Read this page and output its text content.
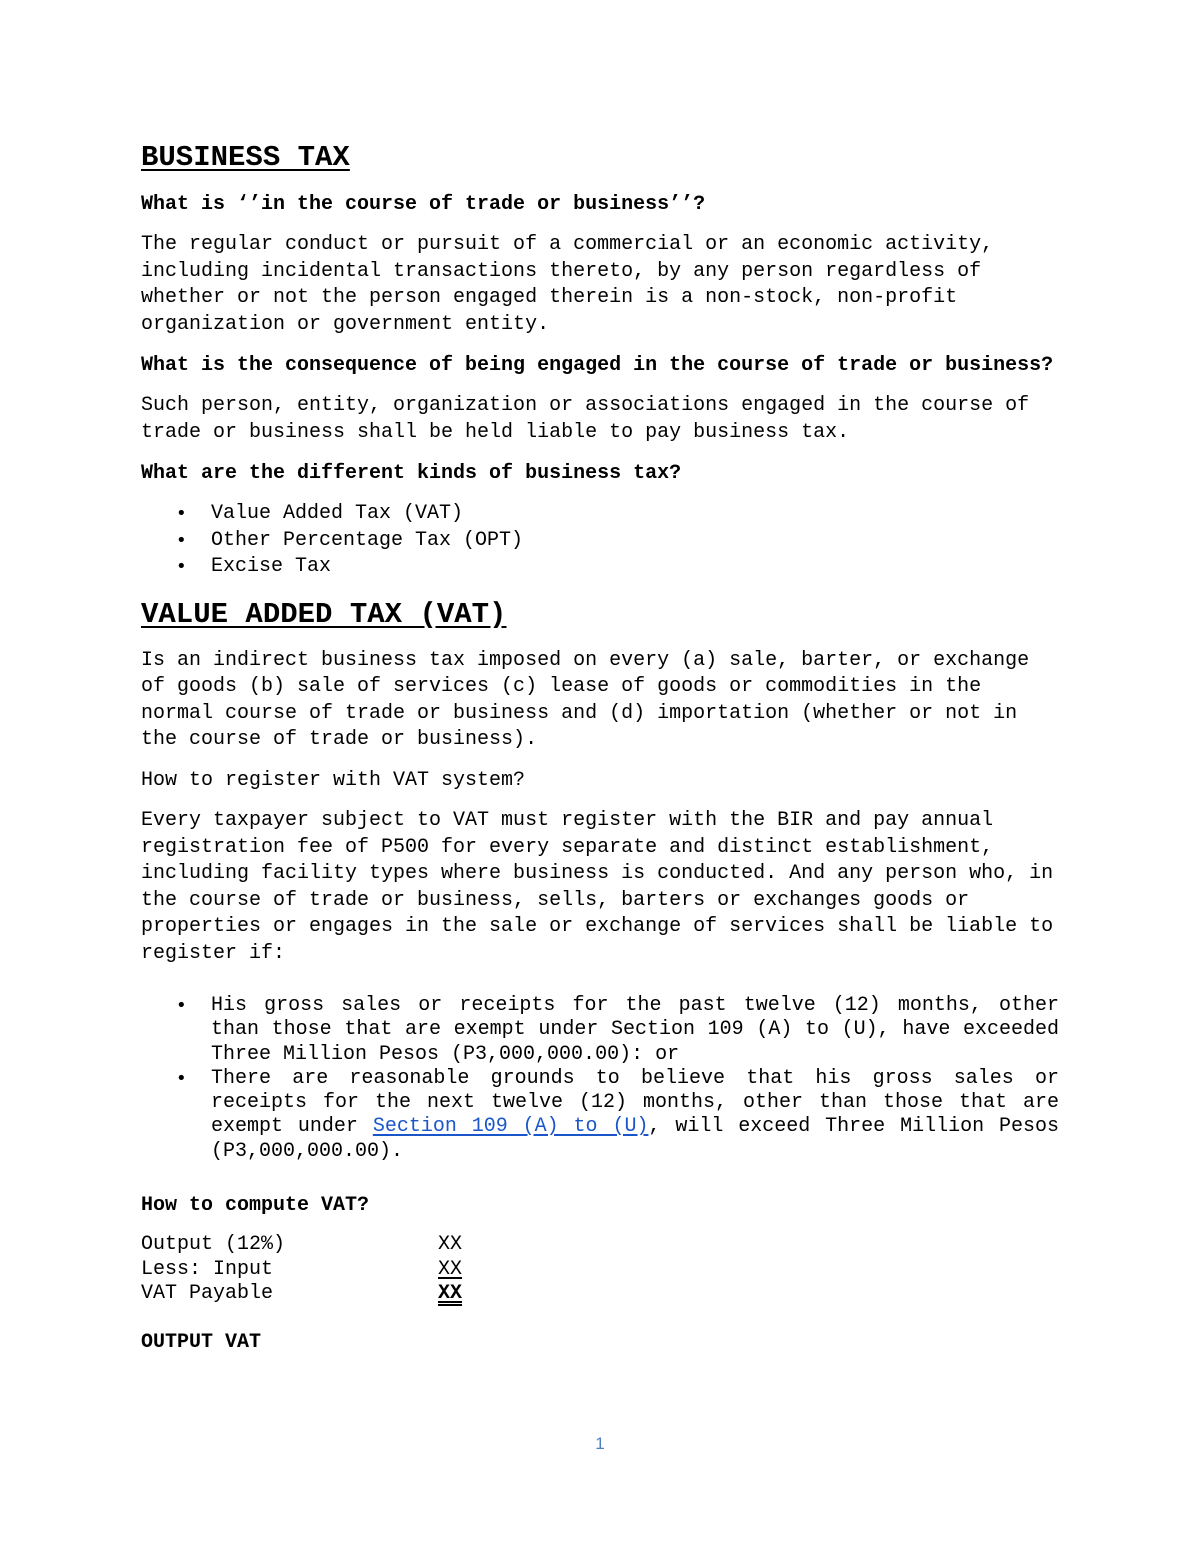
BUSINESS TAX

What is ‘’in the course of trade or business’’?

The regular conduct or pursuit of a commercial or an economic activity, including incidental transactions thereto, by any person regardless of whether or not the person engaged therein is a non-stock, non-profit organization or government entity.

What is the consequence of being engaged in the course of trade or business?

Such person, entity, organization or associations engaged in the course of trade or business shall be held liable to pay business tax.

What are the different kinds of business tax?

• Value Added Tax (VAT)
• Other Percentage Tax (OPT)
• Excise Tax
VALUE ADDED TAX (VAT)

Is an indirect business tax imposed on every (a) sale, barter, or exchange of goods (b) sale of services (c) lease of goods or commodities in the normal course of trade or business and (d) importation (whether or not in the course of trade or business).

How to register with VAT system?

Every taxpayer subject to VAT must register with the BIR and pay annual registration fee of P500 for every separate and distinct establishment, including facility types where business is conducted. And any person who, in the course of trade or business, sells, barters or exchanges goods or properties or engages in the sale or exchange of services shall be liable to register if:

• His gross sales or receipts for the past twelve (12) months, other than those that are exempt under Section 109 (A) to (U), have exceeded Three Million Pesos (P3,000,000.00): or
• There are reasonable grounds to believe that his gross sales or receipts for the next twelve (12) months, other than those that are exempt under Section 109 (A) to (U), will exceed Three Million Pesos (P3,000,000.00).

How to compute VAT?

Output (12%)	XX
Less: Input	XX
VAT Payable	XX

OUTPUT VAT

1
